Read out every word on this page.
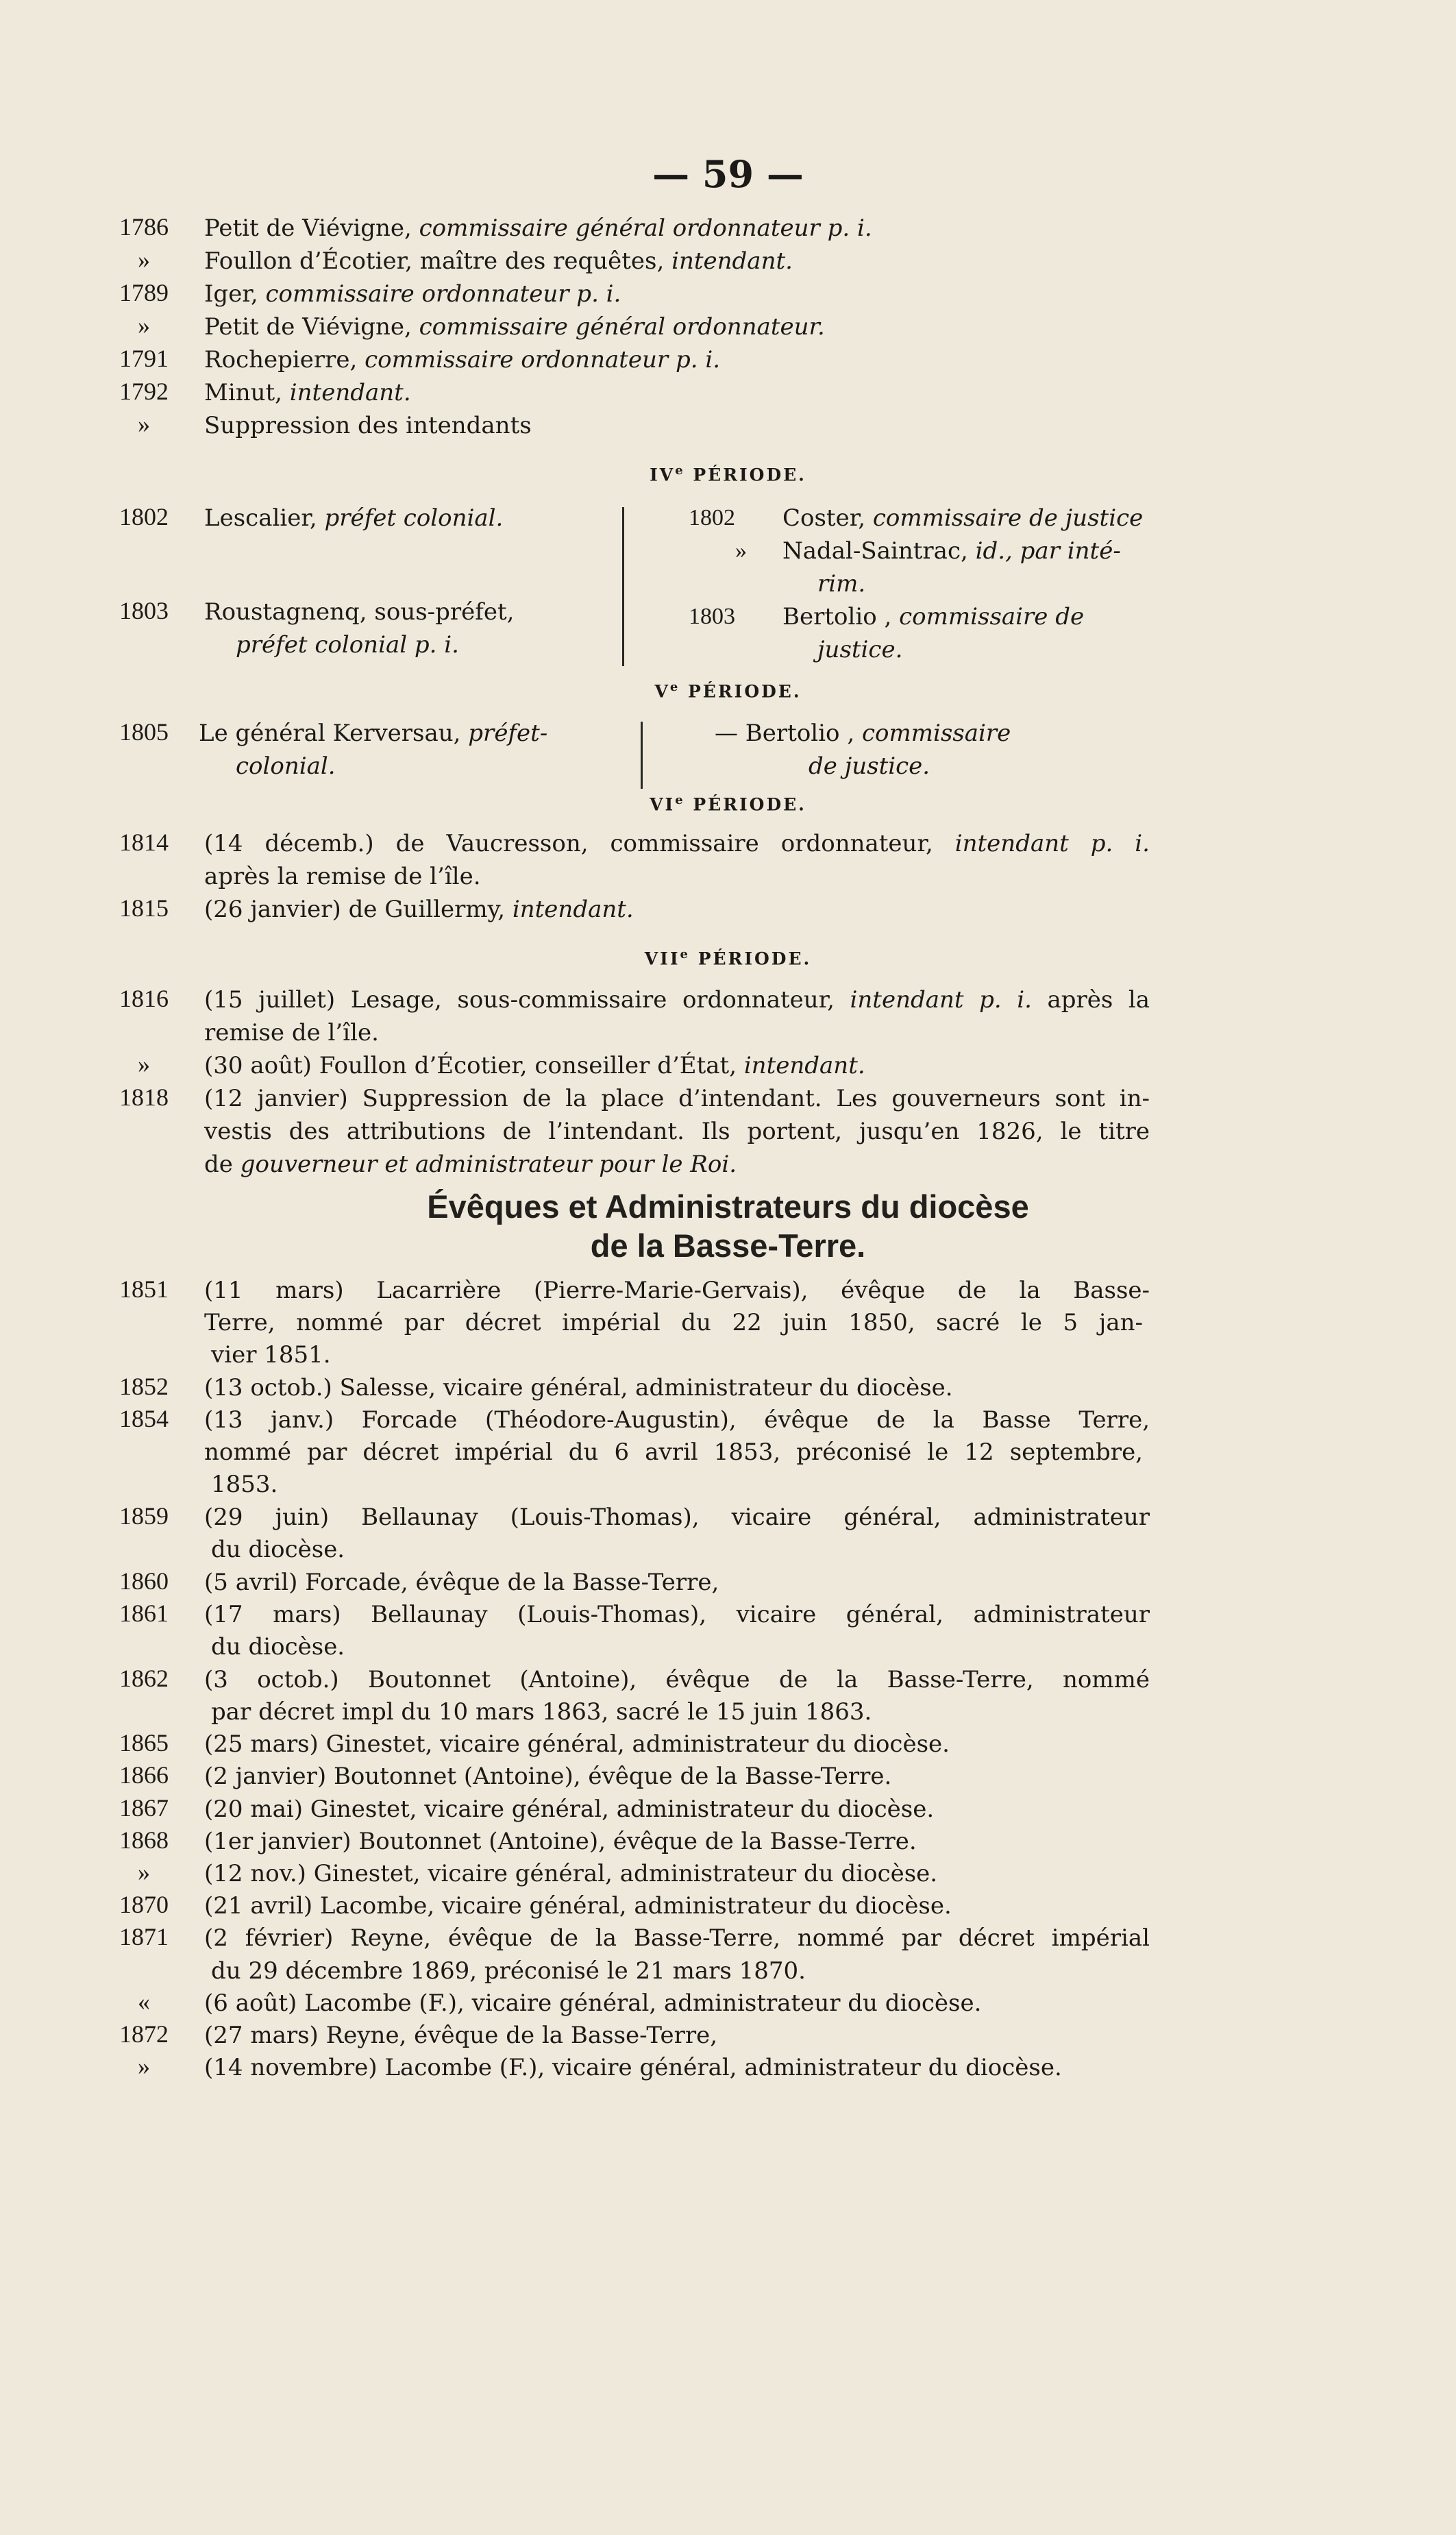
— 59 —
1786	Petit de Viévigne, commissaire général ordonnateur p. i.
»	Foullon d’Écotier, maître des requêtes, intendant.
1789	Iger, commissaire ordonnateur p. i.
»	Petit de Viévigne, commissaire général ordonnateur.
1791	Rochepierre, commissaire ordonnateur p. i.
1792	Minut, intendant.
»	Suppression des intendants
IVe PÉRIODE.
1802	Lescalier, préfet colonial.
1803	Roustagnenq, sous-préfet,
préfet colonial p. i.
1802 Coster, commissaire de justice
» Nadal-Saintrac, id., par inté-
rim.
1803 Bertolio , commissaire de
justice.
Ve PÉRIODE.
1805	Le général Kerversau, préfet-
colonial.
— Bertolio , commissaire
de justice.
VIe PÉRIODE.
1814	(14 décemb.) de Vaucresson, commissaire ordonnateur, intendant p. i.
après la remise de l’île.
1815	(26 janvier) de Guillermy, intendant.
VIIe PÉRIODE.
1816	(15 juillet) Lesage, sous-commissaire ordonnateur, intendant p. i. après la
remise de l’île.
»	(30 août) Foullon d’Écotier, conseiller d’État, intendant.
1818	(12 janvier) Suppression de la place d’intendant. Les gouverneurs sont in-
vestis des attributions de l’intendant. Ils portent, jusqu’en 1826, le titre
de gouverneur et administrateur pour le Roi.
Évêques et Administrateurs du diocèse
de la Basse-Terre.
1851	(11 mars) Lacarrière (Pierre-Marie-Gervais), évêque de la Basse-
Terre, nommé par décret impérial du 22 juin 1850, sacré le 5 jan-
vier 1851.
1852	(13 octob.) Salesse, vicaire général, administrateur du diocèse.
1854	(13 janv.) Forcade (Théodore-Augustin), évêque de la Basse Terre,
nommé par décret impérial du 6 avril 1853, préconisé le 12 septembre,
1853.
1859	(29 juin) Bellaunay (Louis-Thomas), vicaire général, administrateur
du diocèse.
1860	(5 avril) Forcade, évêque de la Basse-Terre,
1861	(17 mars) Bellaunay (Louis-Thomas), vicaire général, administrateur
du diocèse.
1862	(3 octob.) Boutonnet (Antoine), évêque de la Basse-Terre, nommé
par décret impl du 10 mars 1863, sacré le 15 juin 1863.
1865	(25 mars) Ginestet, vicaire général, administrateur du diocèse.
1866	(2 janvier) Boutonnet (Antoine), évêque de la Basse-Terre.
1867	(20 mai) Ginestet, vicaire général, administrateur du diocèse.
1868	(1er janvier) Boutonnet (Antoine), évêque de la Basse-Terre.
»	(12 nov.) Ginestet, vicaire général, administrateur du diocèse.
1870	(21 avril) Lacombe, vicaire général, administrateur du diocèse.
1871	(2 février) Reyne, évêque de la Basse-Terre, nommé par décret impérial
du 29 décembre 1869, préconisé le 21 mars 1870.
«	(6 août) Lacombe (F.), vicaire général, administrateur du diocèse.
1872	(27 mars) Reyne, évêque de la Basse-Terre,
»	(14 novembre) Lacombe (F.), vicaire général, administrateur du diocèse.
